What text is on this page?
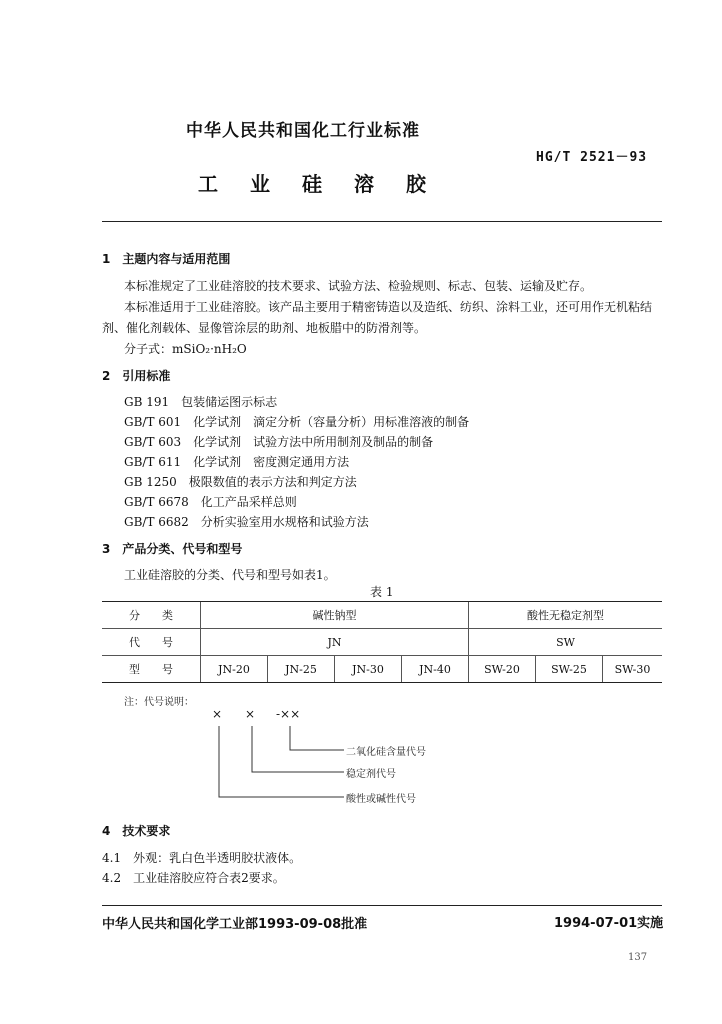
中华人民共和国化工行业标准
HG/T 2521－93
工 业 硅 溶 胶
1　主题内容与适用范围
本标准规定了工业硅溶胶的技术要求、试验方法、检验规则、标志、包装、运输及贮存。
本标准适用于工业硅溶胶。该产品主要用于精密铸造以及造纸、纺织、涂料工业，还可用作无机粘结
剂、催化剂载体、显像管涂层的助剂、地板腊中的防滑剂等。
分子式：mSiO₂·nH₂O
2　引用标准
GB 191　包装储运图示标志
GB/T 601　化学试剂　滴定分析（容量分析）用标准溶液的制备
GB/T 603　化学试剂　试验方法中所用制剂及制品的制备
GB/T 611　化学试剂　密度测定通用方法
GB 1250　极限数值的表示方法和判定方法
GB/T 6678　化工产品采样总则
GB/T 6682　分析实验室用水规格和试验方法
3　产品分类、代号和型号
工业硅溶胶的分类、代号和型号如表1。
表 1
分　　类	碱性钠型				酸性无稳定剂型		
代　　号	JN				SW		
型　　号	JN-20	JN-25	JN-30	JN-40	SW-20	SW-25	SW-30
注：代号说明：
× × -××
二氧化硅含量代号
稳定剂代号
酸性或碱性代号
4　技术要求
4.1　外观：乳白色半透明胶状液体。
4.2　工业硅溶胶应符合表2要求。
中华人民共和国化学工业部1993-09-08批准	1994-07-01实施
137
